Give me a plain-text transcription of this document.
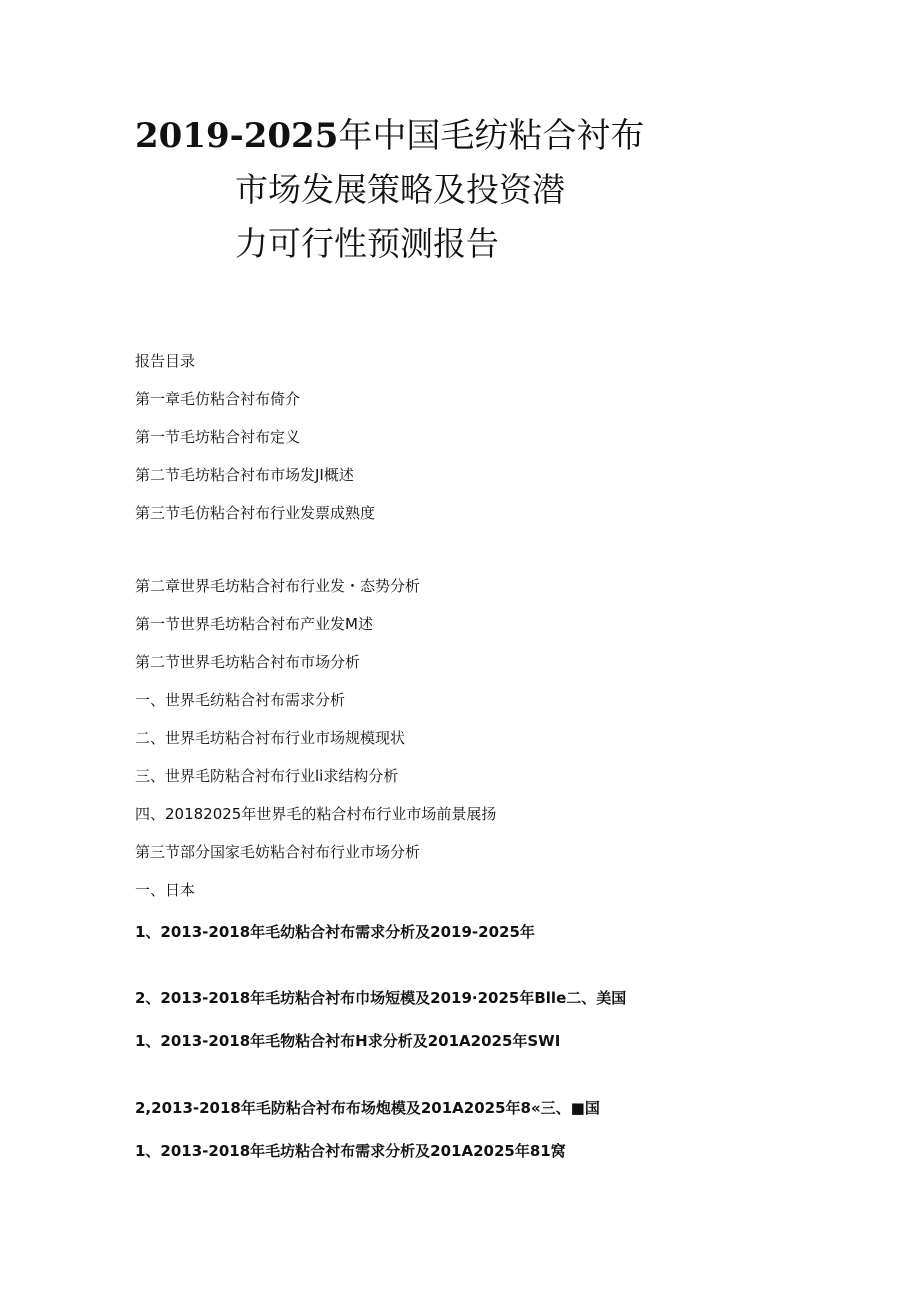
2019-2025年中国毛纺粘合衬布
市场发展策略及投资潜
力可行性预测报告
报告目录
第一章毛仿粘合衬布倚介
第一节毛坊粘合衬布定义
第二节毛坊粘合衬布市场发JI概述
第三节毛仿粘合衬布行业发票成熟度
第二章世界毛坊粘合衬布行业发・态势分析
第一节世界毛坊粘合衬布产业发M述
第二节世界毛坊粘合衬布市场分析
一、世界毛纺粘合衬布需求分析
二、世界毛坊粘合衬布行业市场规模现状
三、世界毛防粘合衬布行业li求结构分析
四、20182025年世界毛的粘合村布行业市场前景展扬
第三节部分国家毛妨粘合衬布行业市场分析
一、日本
1、2013-2018年毛幼粘合衬布需求分析及2019-2025年
2、2013-2018年毛坊粘合衬布巾场短模及2019·2025年Blle二、美国
1、2013-2018年毛物粘合衬布H求分析及201A2025年SWI
2,2013-2018年毛防粘合衬布布场炮模及201A2025年8«三、■国
1、2013-2018年毛坊粘合衬布需求分析及201A2025年81窝
